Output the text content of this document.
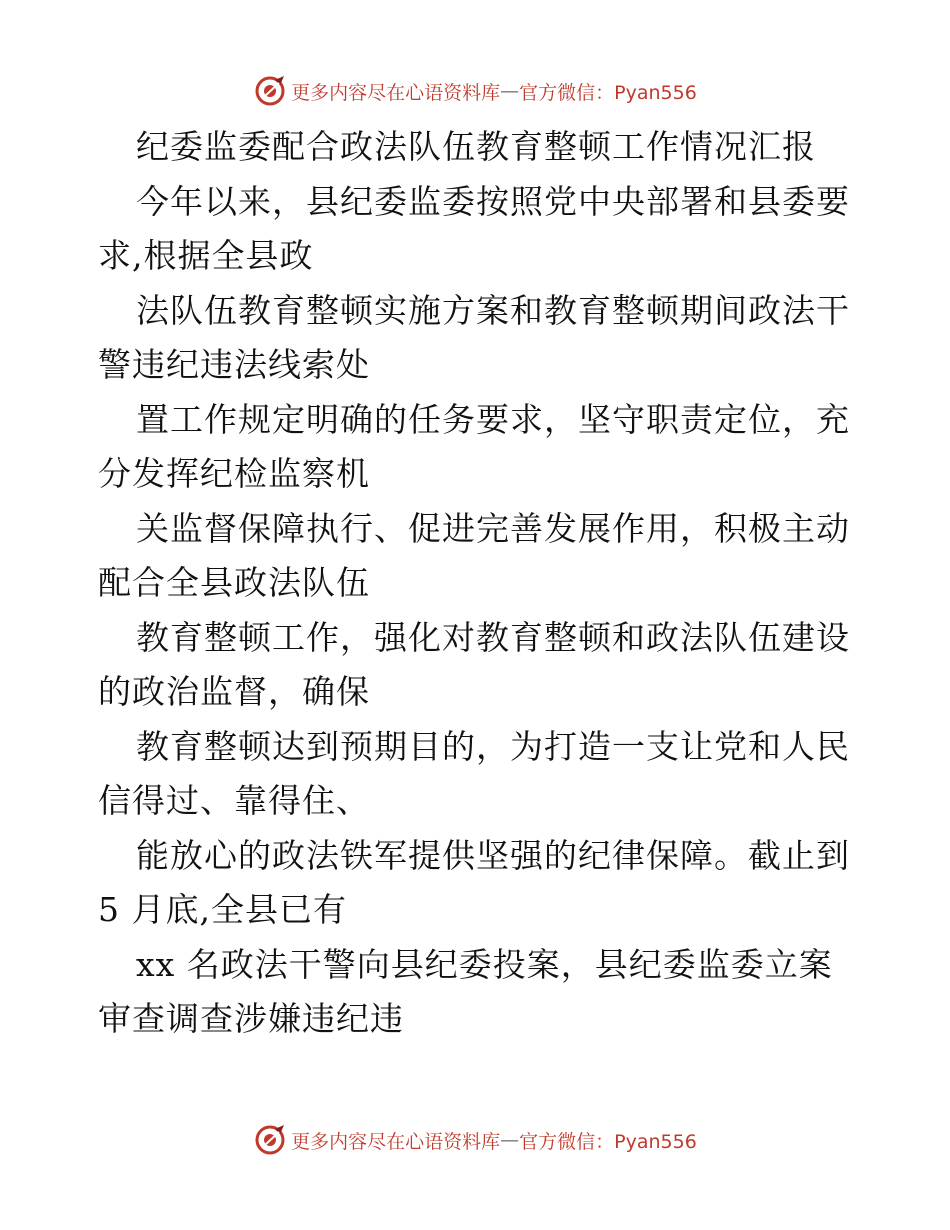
更多内容尽在心语资料库 — 官方微信：Pyan556

纪委监委配合政法队伍教育整顿工作情况汇报

今年以来，县纪委监委按照党中央部署和县委要

求,根据全县政

法队伍教育整顿实施方案和教育整顿期间政法干

警违纪违法线索处

置工作规定明确的任务要求，坚守职责定位，充

分发挥纪检监察机

关监督保障执行、促进完善发展作用，积极主动

配合全县政法队伍

教育整顿工作，强化对教育整顿和政法队伍建设

的政治监督，确保

教育整顿达到预期目的，为打造一支让党和人民

信得过、靠得住、

能放心的政法铁军提供坚强的纪律保障。截止到

5 月底,全县已有

xx 名政法干警向县纪委投案，县纪委监委立案

审查调查涉嫌违纪违

更多内容尽在心语资料库 — 官方微信：Pyan556
